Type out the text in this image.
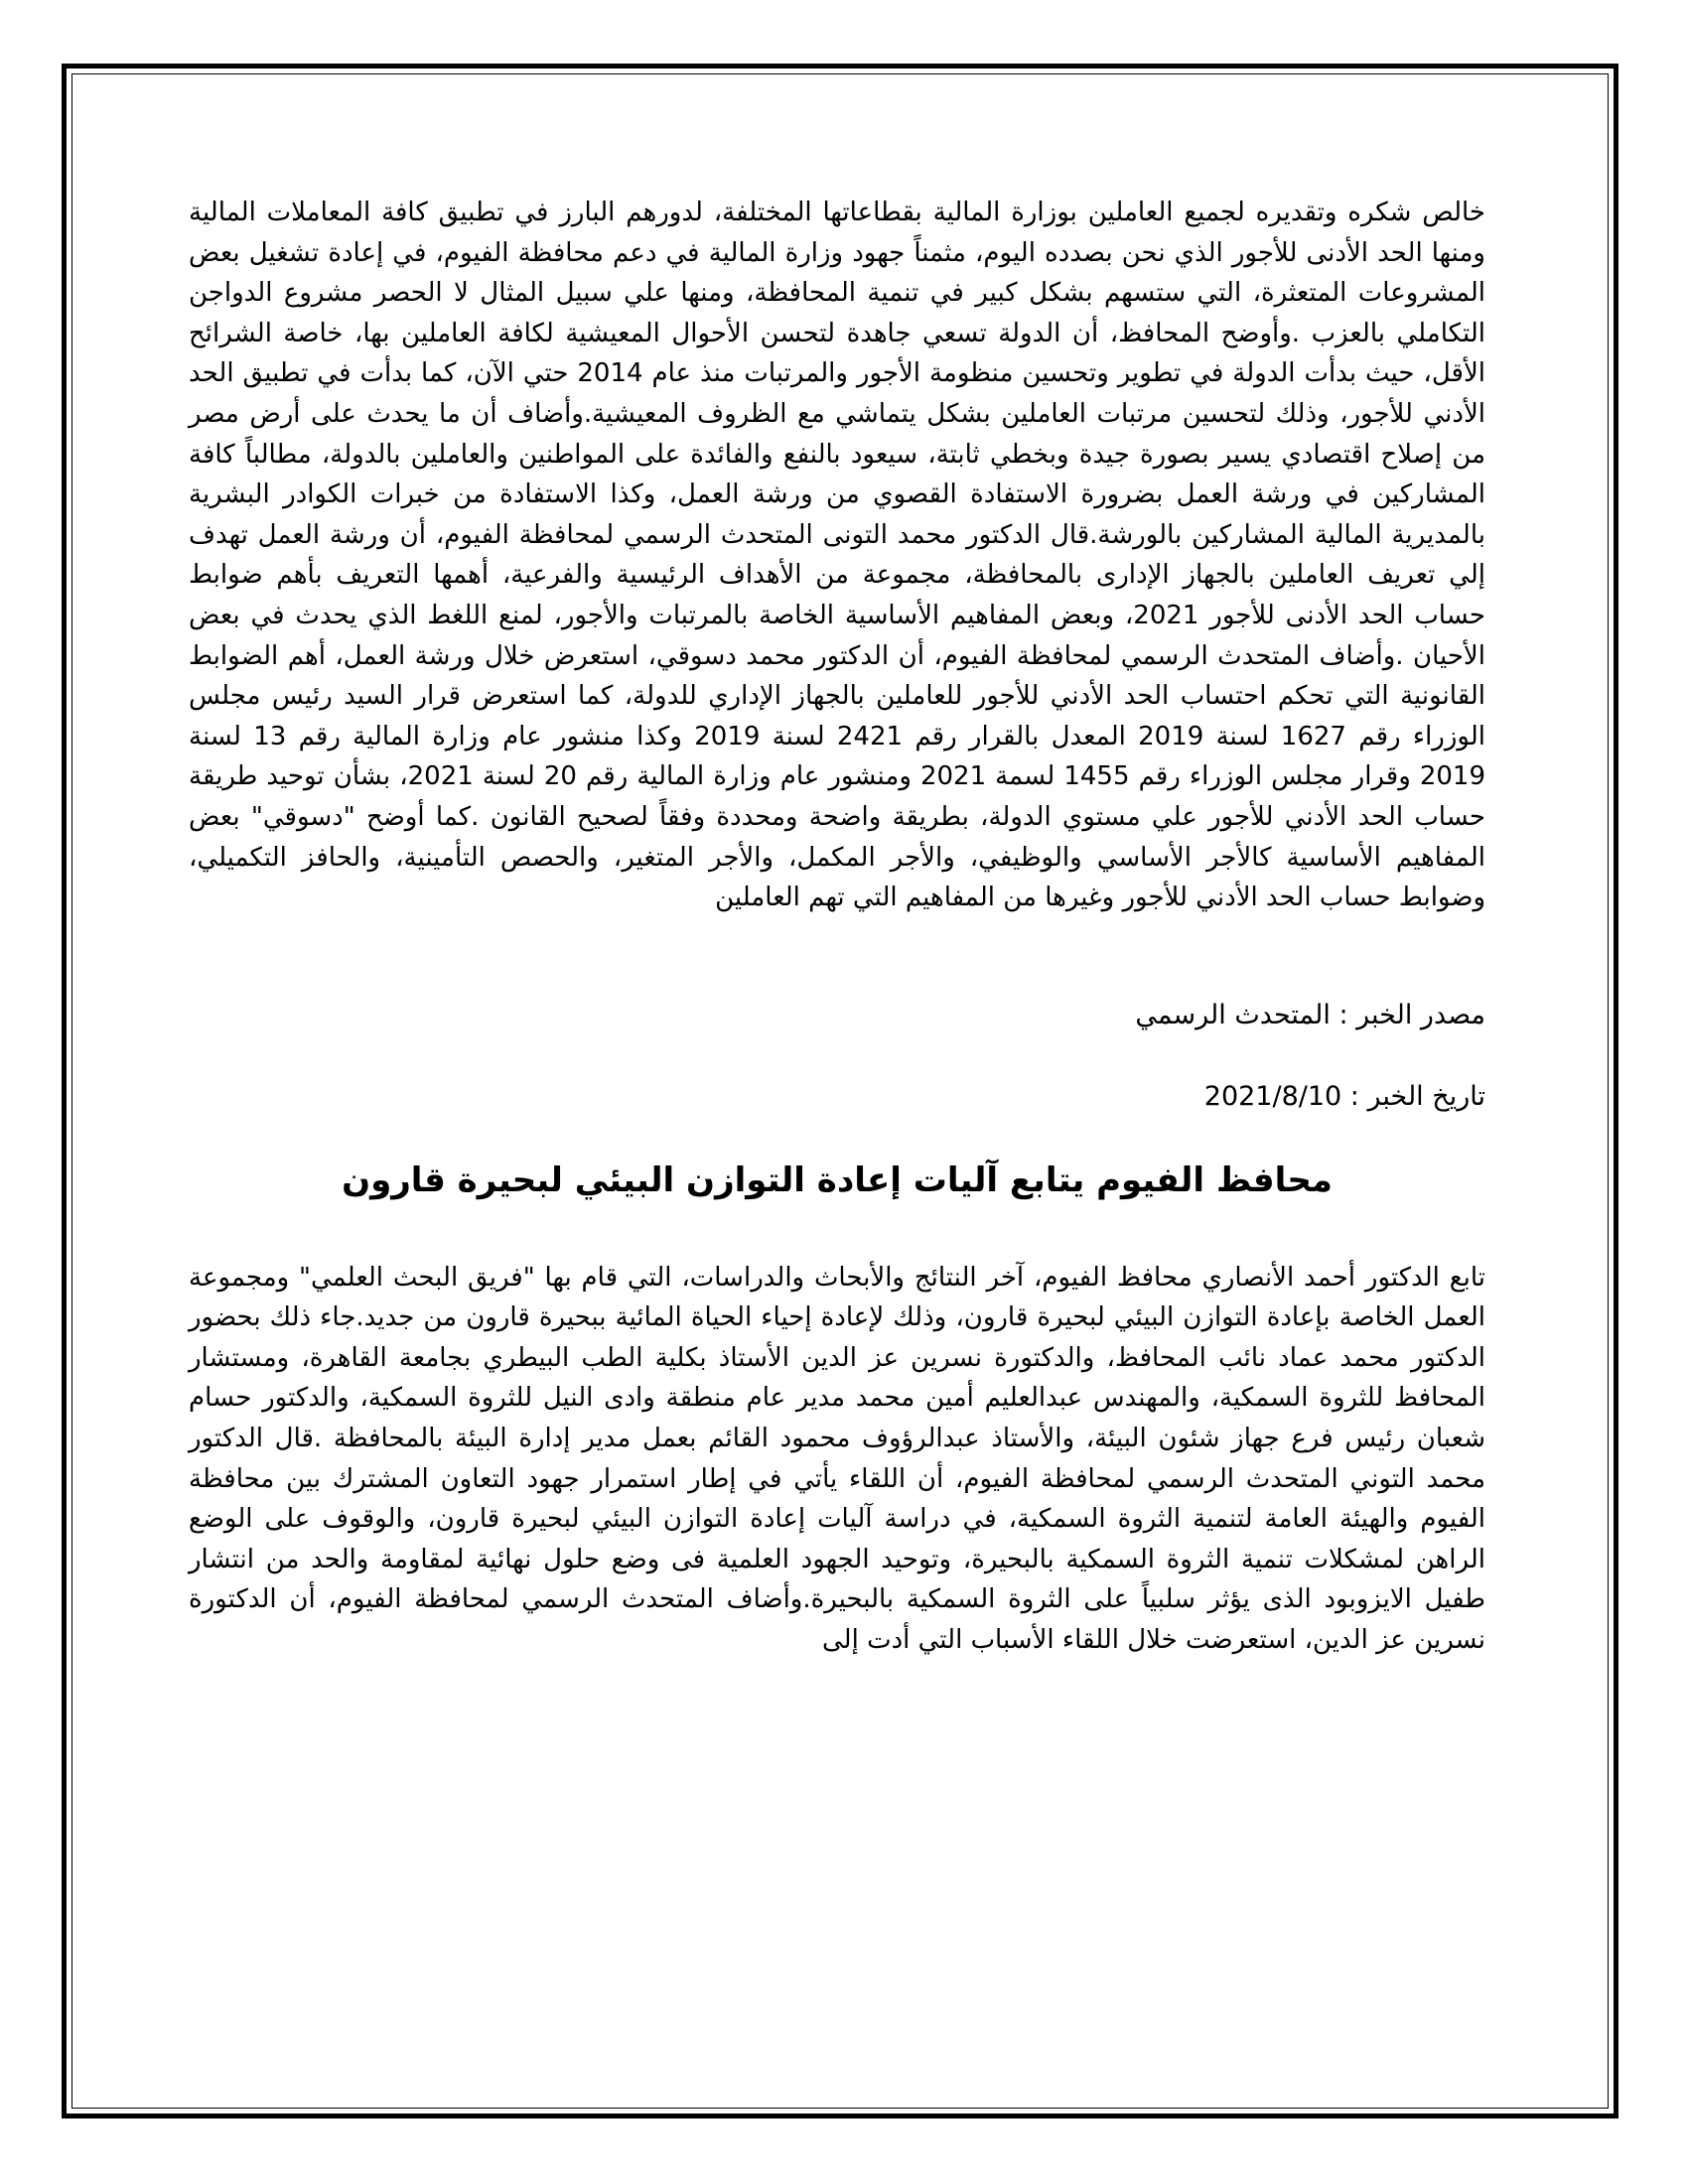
خالص شكره وتقديره لجميع العاملين بوزارة المالية بقطاعاتها المختلفة، لدورهم البارز في تطبيق كافة المعاملات المالية ومنها الحد الأدنى للأجور الذي نحن بصدده اليوم، مثمناً جهود وزارة المالية في دعم محافظة الفيوم، في إعادة تشغيل بعض المشروعات المتعثرة، التي ستسهم بشكل كبير في تنمية المحافظة، ومنها علي سبيل المثال لا الحصر مشروع الدواجن التكاملي بالعزب .وأوضح المحافظ، أن الدولة تسعي جاهدة لتحسن الأحوال المعيشية لكافة العاملين بها، خاصة الشرائح الأقل، حيث بدأت الدولة في تطوير وتحسين منظومة الأجور والمرتبات منذ عام 2014 حتي الآن، كما بدأت في تطبيق الحد الأدني للأجور، وذلك لتحسين مرتبات العاملين بشكل يتماشي مع الظروف المعيشية.وأضاف أن ما يحدث على أرض مصر من إصلاح اقتصادي يسير بصورة جيدة وبخطي ثابتة، سيعود بالنفع والفائدة على المواطنين والعاملين بالدولة، مطالباً كافة المشاركين في ورشة العمل بضرورة الاستفادة القصوي من ورشة العمل، وكذا الاستفادة من خبرات الكوادر البشرية بالمديرية المالية المشاركين بالورشة.قال الدكتور محمد التونى المتحدث الرسمي لمحافظة الفيوم، أن ورشة العمل تهدف إلي تعريف العاملين بالجهاز الإدارى بالمحافظة، مجموعة من الأهداف الرئيسية والفرعية، أهمها التعريف بأهم ضوابط حساب الحد الأدنى للأجور 2021، وبعض المفاهيم الأساسية الخاصة بالمرتبات والأجور، لمنع اللغط الذي يحدث في بعض الأحيان .وأضاف المتحدث الرسمي لمحافظة الفيوم، أن الدكتور محمد دسوقي، استعرض خلال ورشة العمل، أهم الضوابط القانونية التي تحكم احتساب الحد الأدني للأجور للعاملين بالجهاز الإداري للدولة، كما استعرض قرار السيد رئيس مجلس الوزراء رقم 1627 لسنة 2019 المعدل بالقرار رقم 2421 لسنة 2019 وكذا منشور عام وزارة المالية رقم 13 لسنة 2019 وقرار مجلس الوزراء رقم 1455 لسمة 2021 ومنشور عام وزارة المالية رقم 20 لسنة 2021، بشأن توحيد طريقة حساب الحد الأدني للأجور علي مستوي الدولة، بطريقة واضحة ومحددة وفقاً لصحيح القانون .كما أوضح "دسوقي" بعض المفاهيم الأساسية كالأجر الأساسي والوظيفي، والأجر المكمل، والأجر المتغير، والحصص التأمينية، والحافز التكميلي، وضوابط حساب الحد الأدني للأجور وغيرها من المفاهيم التي تهم العاملين

مصدر الخبر : المتحدث الرسمي

تاريخ الخبر : 2021/8/10

محافظ الفيوم يتابع آليات إعادة التوازن البيئي لبحيرة قارون

تابع الدكتور أحمد الأنصاري محافظ الفيوم، آخر النتائج والأبحاث والدراسات، التي قام بها "فريق البحث العلمي" ومجموعة العمل الخاصة بإعادة التوازن البيئي لبحيرة قارون، وذلك لإعادة إحياء الحياة المائية ببحيرة قارون من جديد.جاء ذلك بحضور الدكتور محمد عماد نائب المحافظ، والدكتورة نسرين عز الدين الأستاذ بكلية الطب البيطري بجامعة القاهرة، ومستشار المحافظ للثروة السمكية، والمهندس عبدالعليم أمين محمد مدير عام منطقة وادى النيل للثروة السمكية، والدكتور حسام شعبان رئيس فرع جهاز شئون البيئة، والأستاذ عبدالرؤوف محمود القائم بعمل مدير إدارة البيئة بالمحافظة .قال الدكتور محمد التوني المتحدث الرسمي لمحافظة الفيوم، أن اللقاء يأتي في إطار استمرار جهود التعاون المشترك بين محافظة الفيوم والهيئة العامة لتنمية الثروة السمكية، في دراسة آليات إعادة التوازن البيئي لبحيرة قارون، والوقوف على الوضع الراهن لمشكلات تنمية الثروة السمكية بالبحيرة، وتوحيد الجهود العلمية فى وضع حلول نهائية لمقاومة والحد من انتشار طفيل الايزوبود الذى يؤثر سلبياً على الثروة السمكية بالبحيرة.وأضاف المتحدث الرسمي لمحافظة الفيوم، أن الدكتورة نسرين عز الدين، استعرضت خلال اللقاء الأسباب التي أدت إلى
